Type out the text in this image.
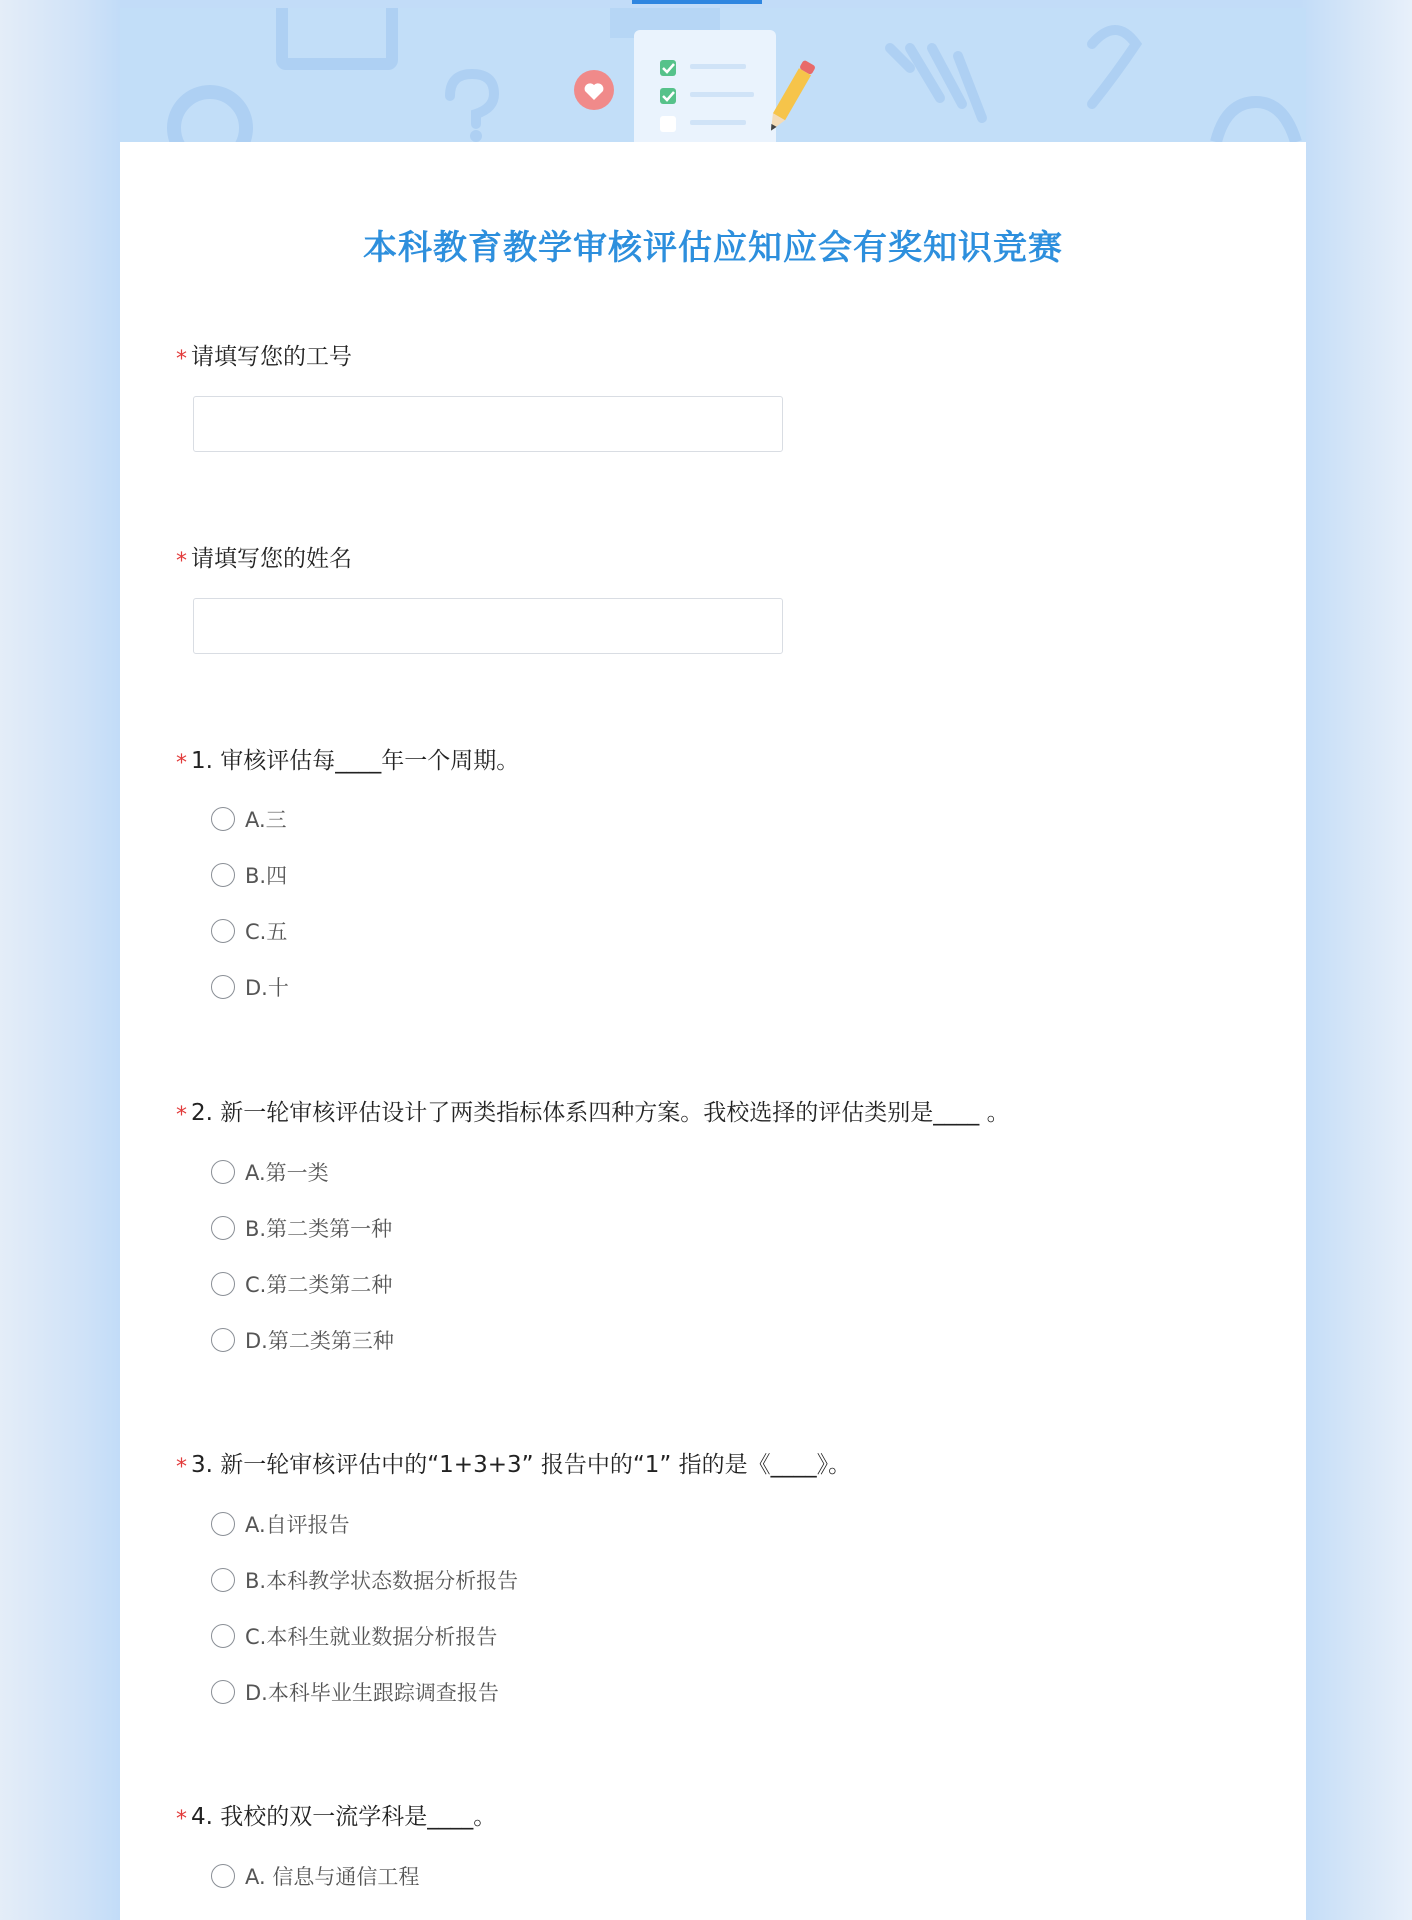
本科教育教学审核评估应知应会有奖知识竞赛
* 请填写您的工号
* 请填写您的姓名
* 1. 审核评估每____年一个周期。
A.三
B.四
C.五
D.十
* 2. 新一轮审核评估设计了两类指标体系四种方案。我校选择的评估类别是____ 。
A.第一类
B.第二类第一种
C.第二类第二种
D.第二类第三种
* 3. 新一轮审核评估中的“1+3+3” 报告中的“1” 指的是《____》。
A.自评报告
B.本科教学状态数据分析报告
C.本科生就业数据分析报告
D.本科毕业生跟踪调查报告
* 4. 我校的双一流学科是____。
A. 信息与通信工程
